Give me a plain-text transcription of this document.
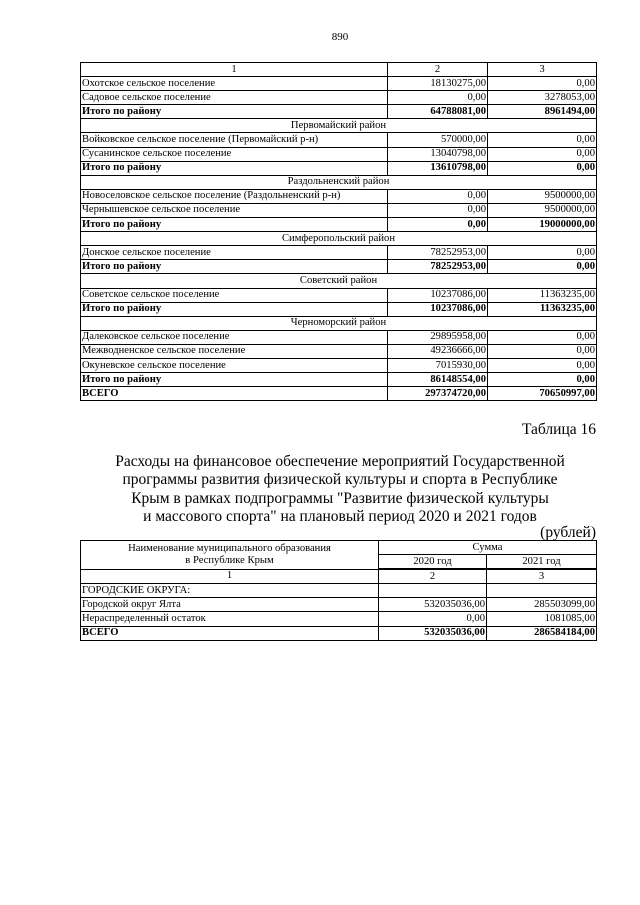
890
1	2	3
Охотское сельское поселение	18130275,00	0,00
Садовое сельское поселение	0,00	3278053,00
Итого по району	64788081,00	8961494,00
Первомайский район		
Войковское сельское поселение (Первомайский р-н)	570000,00	0,00
Сусанинское сельское поселение	13040798,00	0,00
Итого по району	13610798,00	0,00
Раздольненский район		
Новоселовское сельское поселение (Раздольненский р-н)	0,00	9500000,00
Чернышевское сельское поселение	0,00	9500000,00
Итого по району	0,00	19000000,00
Симферопольский район		
Донское сельское поселение	78252953,00	0,00
Итого по району	78252953,00	0,00
Советский район		
Советское сельское поселение	10237086,00	11363235,00
Итого по району	10237086,00	11363235,00
Черноморский район		
Далековское сельское поселение	29895958,00	0,00
Межводненское сельское поселение	49236666,00	0,00
Окуневское сельское поселение	7015930,00	0,00
Итого по району	86148554,00	0,00
ВСЕГО	297374720,00	70650997,00
Таблица 16
Расходы на финансовое обеспечение мероприятий Государственной
программы развития физической культуры и спорта в Республике
Крым в рамках подпрограммы "Развитие физической культуры
и массового спорта" на плановый период 2020 и 2021 годов
(рублей)
Наименование муниципального образования
в Республике Крым	Сумма	
	2020 год	2021 год
1	2	3
ГОРОДСКИЕ ОКРУГА:		
Городской округ Ялта	532035036,00	285503099,00
Нераспределенный остаток	0,00	1081085,00
ВСЕГО	532035036,00	286584184,00
